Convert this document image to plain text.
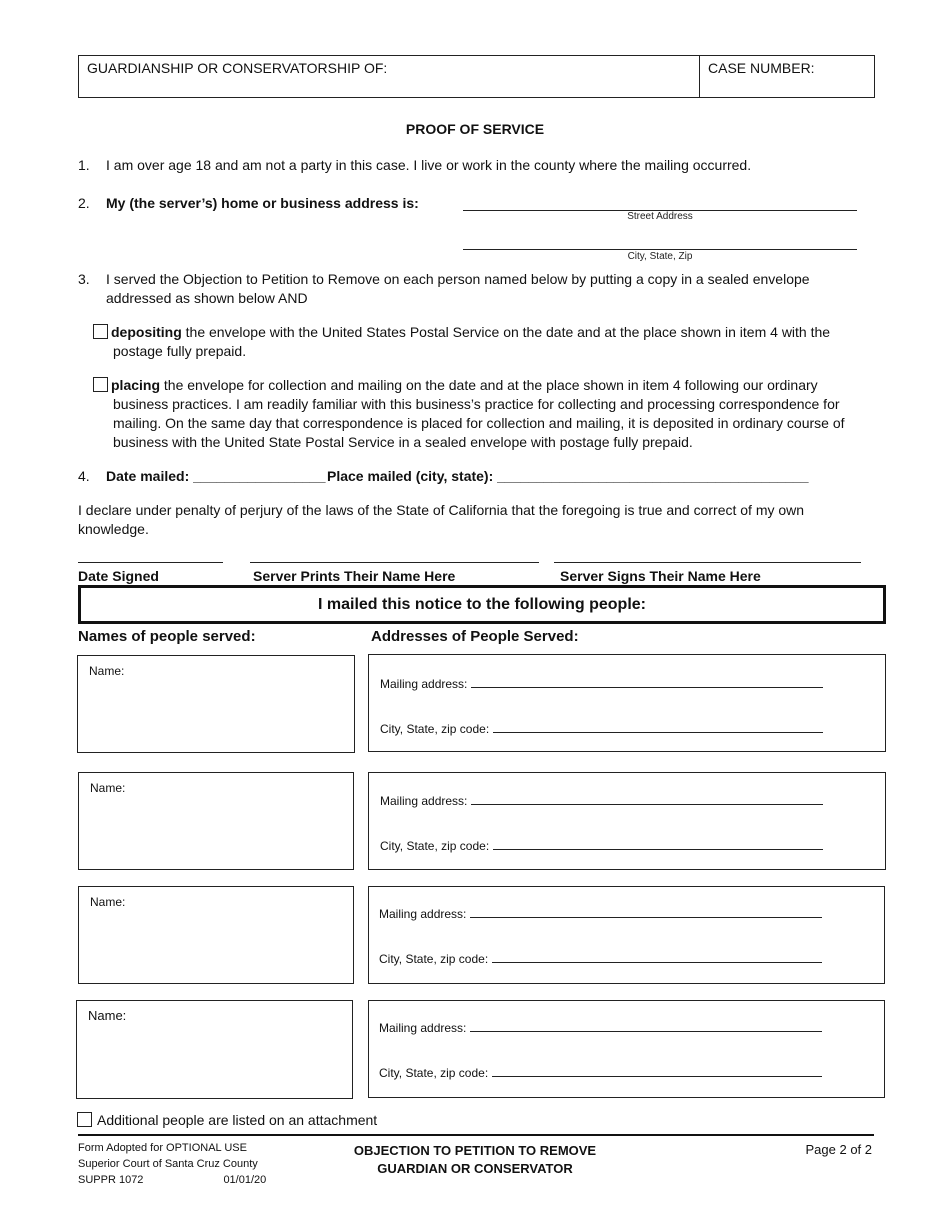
GUARDIANSHIP OR CONSERVATORSHIP OF:	CASE NUMBER:
PROOF OF SERVICE
1. I am over age 18 and am not a party in this case. I live or work in the county where the mailing occurred.
2. My (the server’s) home or business address is:
Street Address
City, State, Zip
3. I served the Objection to Petition to Remove on each person named below by putting a copy in a sealed envelope
addressed as shown below AND
depositing the envelope with the United States Postal Service on the date and at the place shown in item 4 with the
postage fully prepaid.
placing the envelope for collection and mailing on the date and at the place shown in item 4 following our ordinary
business practices. I am readily familiar with this business’s practice for collecting and processing correspondence for
mailing. On the same day that correspondence is placed for collection and mailing, it is deposited in ordinary course of
business with the United State Postal Service in a sealed envelope with postage fully prepaid.
4. Date mailed: _________________ Place mailed (city, state): ________________________________________
I declare under penalty of perjury of the laws of the State of California that the foregoing is true and correct of my own
knowledge.
Date Signed	Server Prints Their Name Here	Server Signs Their Name Here
I mailed this notice to the following people:
Names of people served:	Addresses of People Served:
Name:
Mailing address:
City, State, zip code:
Name:
Mailing address:
City, State, zip code:
Name:
Mailing address:
City, State, zip code:
Name:
Mailing address:
City, State, zip code:
Additional people are listed on an attachment
Form Adopted for OPTIONAL USE
Superior Court of Santa Cruz County
SUPPR 1072	01/01/20
OBJECTION TO PETITION TO REMOVE
GUARDIAN OR CONSERVATOR
Page 2 of 2
